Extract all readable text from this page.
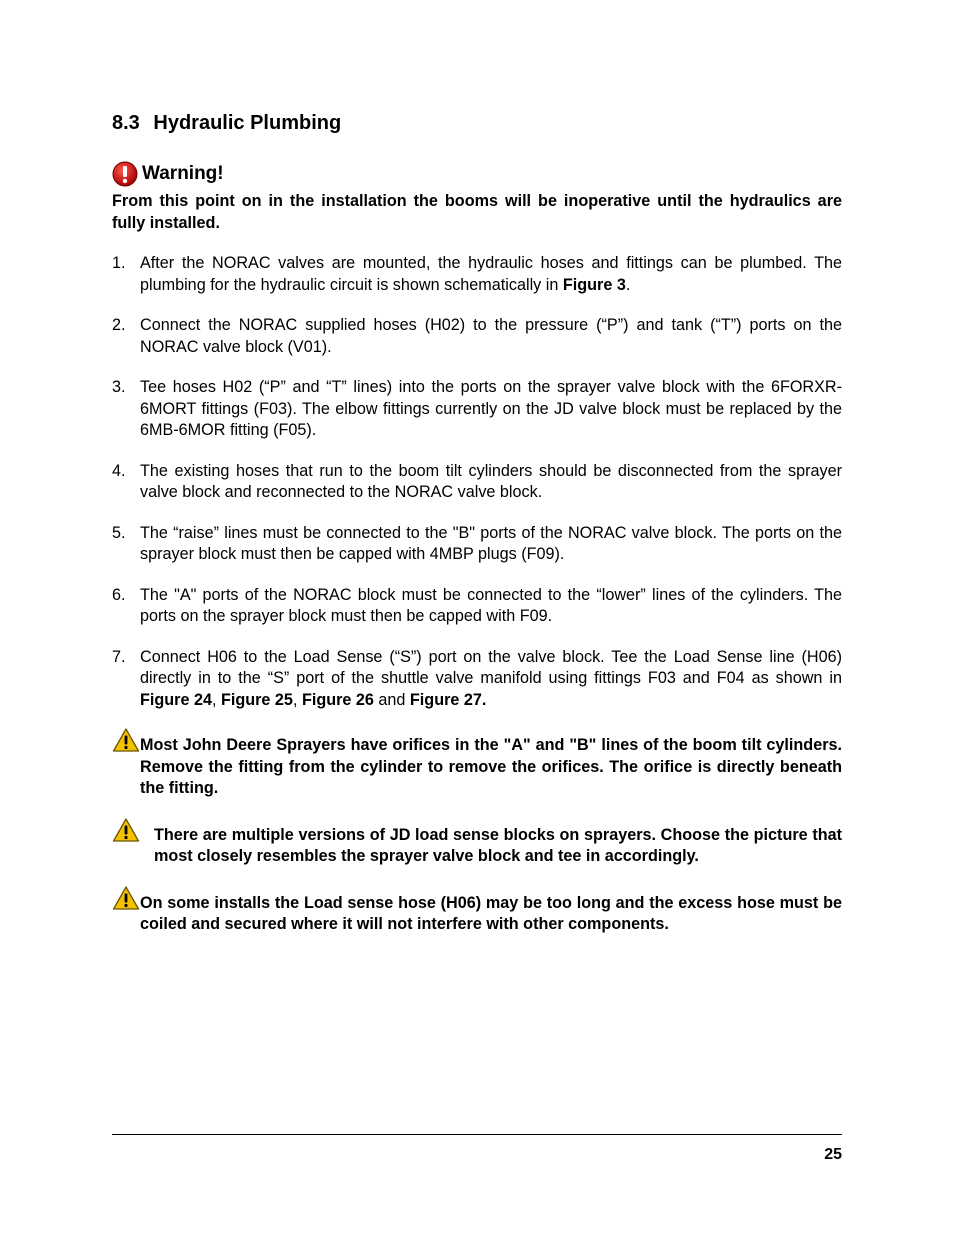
8.3 Hydraulic Plumbing
Warning!

From this point on in the installation the booms will be inoperative until the hydraulics are fully installed.

1. After the NORAC valves are mounted, the hydraulic hoses and fittings can be plumbed. The plumbing for the hydraulic circuit is shown schematically in Figure 3.
2. Connect the NORAC supplied hoses (H02) to the pressure (“P”) and tank (“T”) ports on the NORAC valve block (V01).
3. Tee hoses H02 (“P” and “T” lines) into the ports on the sprayer valve block with the 6FORXR-6MORT fittings (F03). The elbow fittings currently on the JD valve block must be replaced by the 6MB-6MOR fitting (F05).
4. The existing hoses that run to the boom tilt cylinders should be disconnected from the sprayer valve block and reconnected to the NORAC valve block.
5. The “raise” lines must be connected to the "B" ports of the NORAC valve block. The ports on the sprayer block must then be capped with 4MBP plugs (F09).
6. The "A" ports of the NORAC block must be connected to the “lower” lines of the cylinders. The ports on the sprayer block must then be capped with F09.
7. Connect H06 to the Load Sense (“S”) port on the valve block. Tee the Load Sense line (H06) directly in to the “S” port of the shuttle valve manifold using fittings F03 and F04 as shown in Figure 24, Figure 25, Figure 26 and Figure 27.
Most John Deere Sprayers have orifices in the "A" and "B" lines of the boom tilt cylinders. Remove the fitting from the cylinder to remove the orifices. The orifice is directly beneath the fitting.
There are multiple versions of JD load sense blocks on sprayers. Choose the picture that most closely resembles the sprayer valve block and tee in accordingly.
On some installs the Load sense hose (H06) may be too long and the excess hose must be coiled and secured where it will not interfere with other components.
25
